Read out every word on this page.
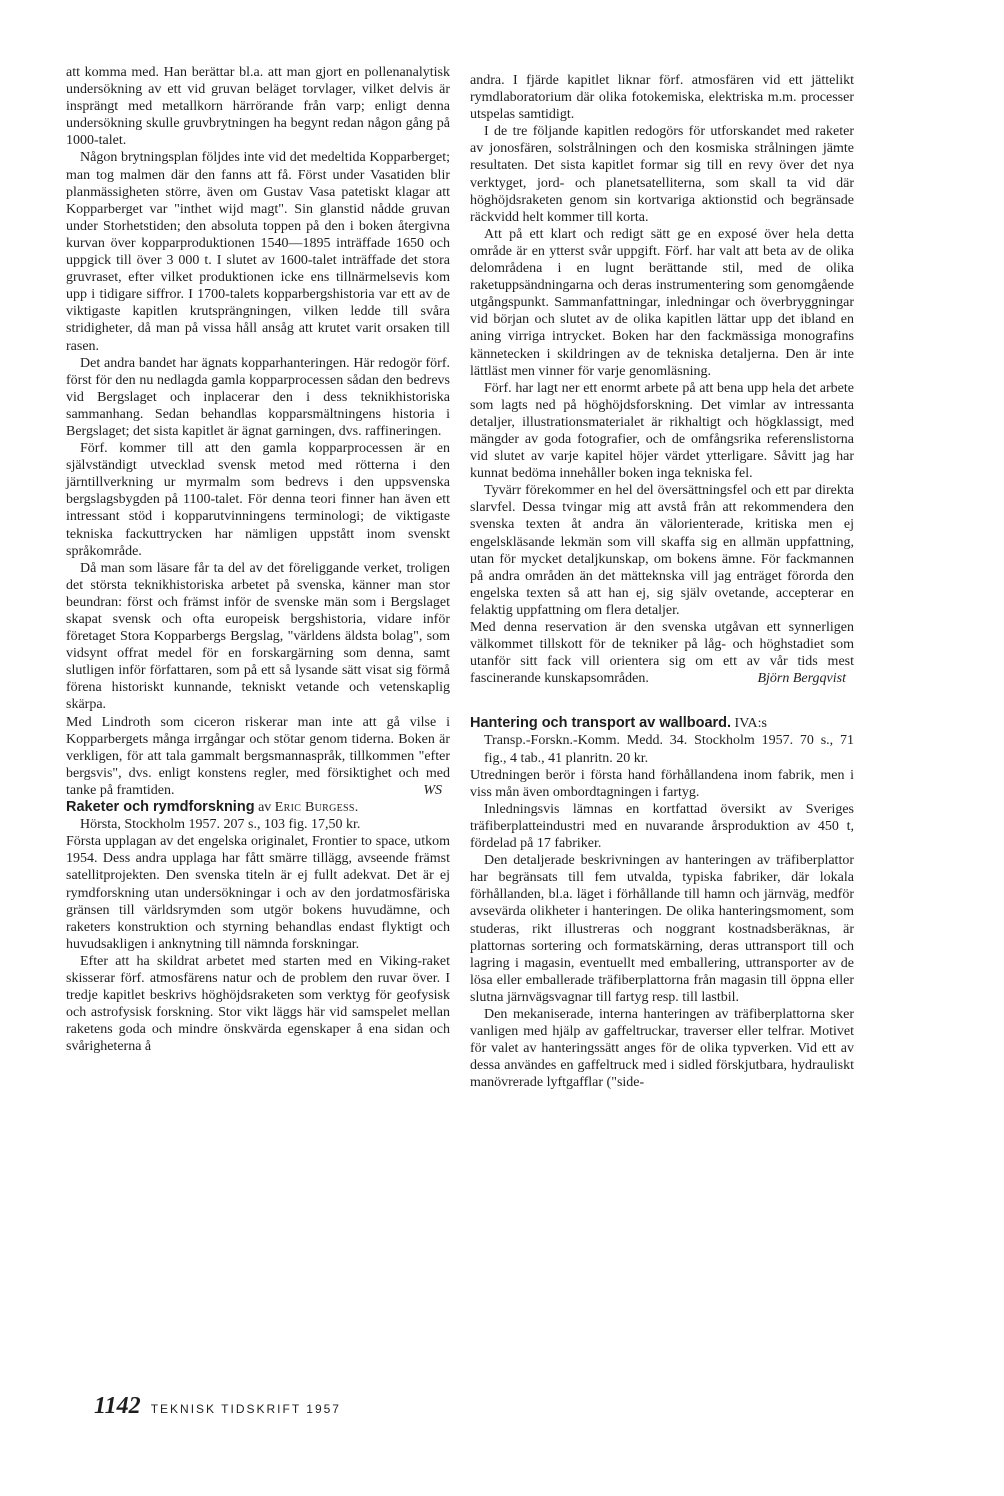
att komma med. Han berättar bl.a. att man gjort en pollenanalytisk undersökning av ett vid gruvan beläget torvlager, vilket delvis är insprängt med metallkorn härrörande från varp; enligt denna undersökning skulle gruvbrytningen ha begynt redan någon gång på 1000-talet.

Någon brytningsplan följdes inte vid det medeltida Kopparberget; man tog malmen där den fanns att få. Först under Vasatiden blir planmässigheten större, även om Gustav Vasa patetiskt klagar att Kopparberget var "inthet wijd magt". Sin glanstid nådde gruvan under Storhetstiden; den absoluta toppen på den i boken återgivna kurvan över kopparproduktionen 1540—1895 inträffade 1650 och uppgick till över 3 000 t. I slutet av 1600-talet inträffade det stora gruvraset, efter vilket produktionen icke ens tillnärmelsevis kom upp i tidigare siffror. I 1700-talets kopparbergshistoria var ett av de viktigaste kapitlen krutsprängningen, vilken ledde till svåra stridigheter, då man på vissa håll ansåg att krutet varit orsaken till rasen.

Det andra bandet har ägnats kopparhanteringen. Här redogör förf. först för den nu nedlagda gamla kopparprocessen sådan den bedrevs vid Bergslaget och inplacerar den i dess teknikhistoriska sammanhang. Sedan behandlas kopparsmältningens historia i Bergslaget; det sista kapitlet är ägnat garningen, dvs. raffineringen.

Förf. kommer till att den gamla kopparprocessen är en självständigt utvecklad svensk metod med rötterna i den järntillverkning ur myrmalm som bedrevs i den uppsvenska bergslagsbygden på 1100-talet. För denna teori finner han även ett intressant stöd i kopparutvinningens terminologi; de viktigaste tekniska fackuttrycken har nämligen uppstått inom svenskt språkområde.

Då man som läsare får ta del av det föreliggande verket, troligen det största teknikhistoriska arbetet på svenska, känner man stor beundran: först och främst inför de svenske män som i Bergslaget skapat svensk och ofta europeisk bergshistoria, vidare inför företaget Stora Kopparbergs Bergslag, "världens äldsta bolag", som vidsynt offrat medel för en forskargärning som denna, samt slutligen inför författaren, som på ett så lysande sätt visat sig förmå förena historiskt kunnande, tekniskt vetande och vetenskaplig skärpa.

Med Lindroth som ciceron riskerar man inte att gå vilse i Kopparbergets många irrgångar och stötar genom tiderna. Boken är verkligen, för att tala gammalt bergsmannaspråk, tillkommen "efter bergsvis", dvs. enligt konstens regler, med försiktighet och med tanke på framtiden.	WS

Raketer och rymdforskning av Eric Burgess.
Hörsta, Stockholm 1957. 207 s., 103 fig. 17,50 kr.

Första upplagan av det engelska originalet, Frontier to space, utkom 1954. Dess andra upplaga har fått smärre tillägg, avseende främst satellitprojekten. Den svenska titeln är ej fullt adekvat. Det är ej rymdforskning utan undersökningar i och av den jordatmosfäriska gränsen till världsrymden som utgör bokens huvudämne, och raketers konstruktion och styrning behandlas endast flyktigt och huvudsakligen i anknytning till nämnda forskningar.

Efter att ha skildrat arbetet med starten med en Viking-raket skisserar förf. atmosfärens natur och de problem den ruvar över. I tredje kapitlet beskrivs höghöjdsraketen som verktyg för geofysisk och astrofysisk forskning. Stor vikt läggs här vid samspelet mellan raketens goda och mindre önskvärda egenskaper å ena sidan och svårigheterna å

andra. I fjärde kapitlet liknar förf. atmosfären vid ett jättelikt rymdlaboratorium där olika fotokemiska, elektriska m.m. processer utspelas samtidigt.

I de tre följande kapitlen redogörs för utforskandet med raketer av jonosfären, solstrålningen och den kosmiska strålningen jämte resultaten. Det sista kapitlet formar sig till en revy över det nya verktyget, jord- och planetsatelliterna, som skall ta vid där höghöjdsraketen genom sin kortvariga aktionstid och begränsade räckvidd helt kommer till korta.

Att på ett klart och redigt sätt ge en exposé över hela detta område är en ytterst svår uppgift. Förf. har valt att beta av de olika delområdena i en lugnt berättande stil, med de olika raketuppsändningarna och deras instrumentering som genomgående utgångspunkt. Sammanfattningar, inledningar och överbryggningar vid början och slutet av de olika kapitlen lättar upp det ibland en aning virriga intrycket. Boken har den fackmässiga monografins kännetecken i skildringen av de tekniska detaljerna. Den är inte lättläst men vinner för varje genomläsning.

Förf. har lagt ner ett enormt arbete på att bena upp hela det arbete som lagts ned på höghöjdsforskning. Det vimlar av intressanta detaljer, illustrationsmaterialet är rikhaltigt och högklassigt, med mängder av goda fotografier, och de omfångsrika referenslistorna vid slutet av varje kapitel höjer värdet ytterligare. Såvitt jag har kunnat bedöma innehåller boken inga tekniska fel.

Tyvärr förekommer en hel del översättningsfel och ett par direkta slarvfel. Dessa tvingar mig att avstå från att rekommendera den svenska texten åt andra än välorienterade, kritiska men ej engelskläsande lekmän som vill skaffa sig en allmän uppfattning, utan för mycket detaljkunskap, om bokens ämne. För fackmannen på andra områden än det mätteknska vill jag enträget förorda den engelska texten så att han ej, sig själv ovetande, accepterar en felaktig uppfattning om flera detaljer.

Med denna reservation är den svenska utgåvan ett synnerligen välkommet tillskott för de tekniker på låg- och höghstadiet som utanför sitt fack vill orientera sig om ett av vår tids mest fascinerande kunskapsområden.	Björn Bergqvist

Hantering och transport av wallboard. IVA:s
Transp.-Forskn.-Komm. Medd. 34. Stockholm 1957. 70 s., 71 fig., 4 tab., 41 planritn. 20 kr.

Utredningen berör i första hand förhållandena inom fabrik, men i viss mån även ombordtagningen i fartyg.

Inledningsvis lämnas en kortfattad översikt av Sveriges träfiberplatteindustri med en nuvarande årsproduktion av 450 t, fördelad på 17 fabriker.

Den detaljerade beskrivningen av hanteringen av träfiberplattor har begränsats till fem utvalda, typiska fabriker, där lokala förhållanden, bl.a. läget i förhållande till hamn och järnväg, medför avsevärda olikheter i hanteringen. De olika hanteringsmoment, som studeras, rikt illustreras och noggrant kostnadsberäknas, är plattornas sortering och formatskärning, deras uttransport till och lagring i magasin, eventuellt med emballering, uttransporter av de lösa eller emballerade träfiberplattorna från magasin till öppna eller slutna järnvägsvagnar till fartyg resp. till lastbil.

Den mekaniserade, interna hanteringen av träfiberplattorna sker vanligen med hjälp av gaffeltruckar, traverser eller telfrar. Motivet för valet av hanteringssätt anges för de olika typverken. Vid ett av dessa användes en gaffeltruck med i sidled förskjutbara, hydrauliskt manövrerade lyftgafflar ("side-

1142 TEKNISK TIDSKRIFT 1957
